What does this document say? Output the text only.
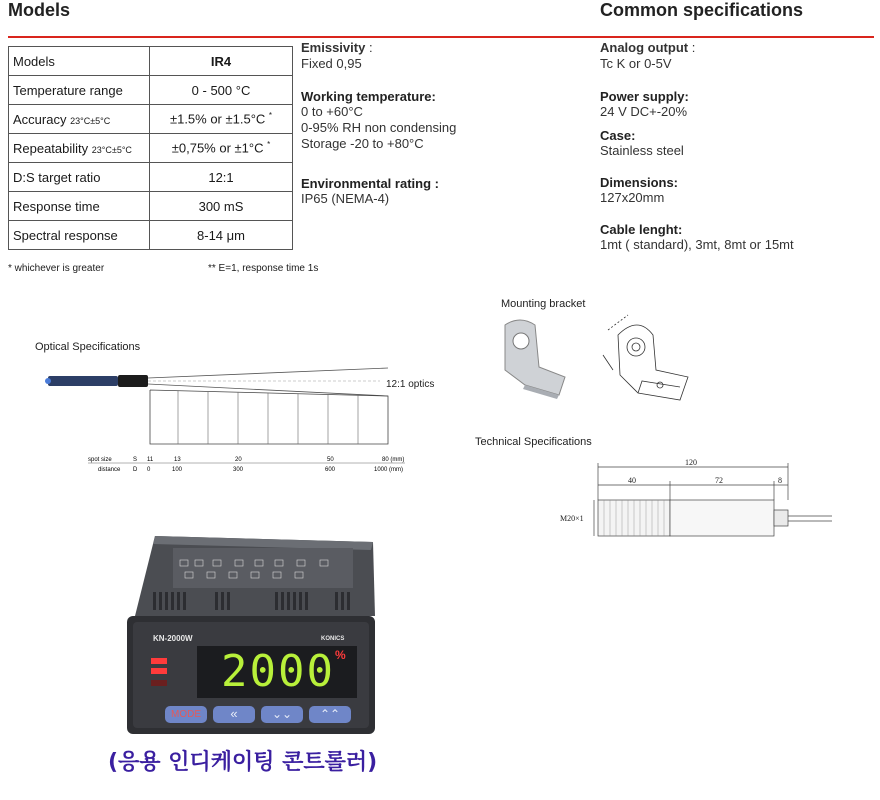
Models	Common specifications
Models	IR4
Temperature range	0 - 500 °C
Accuracy 23°C±5°C	±1.5% or ±1.5°C *
Repeatability 23°C±5°C	±0,75% or ±1°C *
D:S target ratio	12:1
Response time	300 mS
Spectral response	8-14 μm
* whichever is greater	** E=1, response time 1s
Emissivity :
Fixed 0,95
Working temperature:
0 to +60°C
0-95% RH non condensing
Storage -20 to +80°C
Environmental rating :
IP65 (NEMA-4)
Analog output :
Tc K or 0-5V
Power supply:
24 V DC+-20%
Case:
Stainless steel
Dimensions:
127x20mm
Cable lenght:
1mt ( standard), 3mt, 8mt or 15mt
Optical Specifications
12:1 optics
spot size	S 11	13	20	50	80 (mm)
distance D 0	100	300	600	1000 (mm)
Mounting bracket
Technical Specifications
120
40	72	8
M20×1
KN-2000W	KONICS
2000 %
MODE	«	⌄⌄	⌃⌃
(응용 인디케이팅 콘트롤러)
